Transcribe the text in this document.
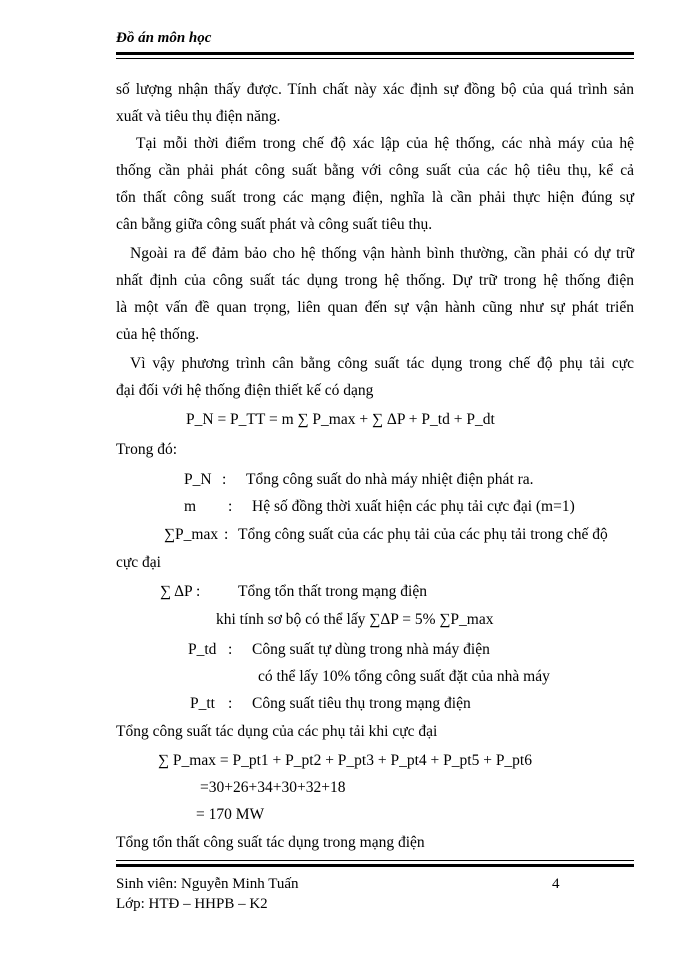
Đồ án môn học
số lượng nhận thấy được. Tính chất này xác định sự đồng bộ của quá trình sản
xuất và tiêu thụ điện năng.
Tại mỗi thời điểm trong chế độ xác lập của hệ thống, các nhà máy của hệ
thống cần phải phát công suất bằng với công suất của các hộ tiêu thụ, kể cả
tổn thất công suất trong các mạng điện, nghĩa là cần phải thực hiện đúng sự
cân bằng giữa công suất phát và công suất tiêu thụ.
Ngoài ra để đảm bảo cho hệ thống vận hành bình thường, cần phải có dự trữ
nhất định của công suất tác dụng trong hệ thống. Dự trữ trong hệ thống điện
là một vấn đề quan trọng, liên quan đến sự vận hành cũng như sự phát triển
của hệ thống.
Vì vậy phương trình cân bằng công suất tác dụng trong chế độ phụ tải cực
đại đối với hệ thống điện thiết kế có dạng
P_N = P_TT = m ∑ P_max + ∑ ΔP + P_td + P_dt
Trong đó:
P_N : Tổng công suất do nhà máy nhiệt điện phát ra.
m : Hệ số đồng thời xuất hiện các phụ tải cực đại (m=1)
∑P_max : Tổng công suất của các phụ tải của các phụ tải trong chế độ
cực đại
∑ ΔP : Tổng tổn thất trong mạng điện
khi tính sơ bộ có thể lấy ∑ΔP = 5% ∑P_max
P_td : Công suất tự dùng trong nhà máy điện
có thể lấy 10% tổng công suất đặt của nhà máy
P_tt : Công suất tiêu thụ trong mạng điện
Tổng công suất tác dụng của các phụ tải khi cực đại
∑ P_max = P_pt1 + P_pt2 + P_pt3 + P_pt4 + P_pt5 + P_pt6
=30+26+34+30+32+18
= 170 MW
Tổng tổn thất công suất tác dụng trong mạng điện
Sinh viên: Nguyễn Minh Tuấn	4
Lớp: HTĐ – HHPB – K2
